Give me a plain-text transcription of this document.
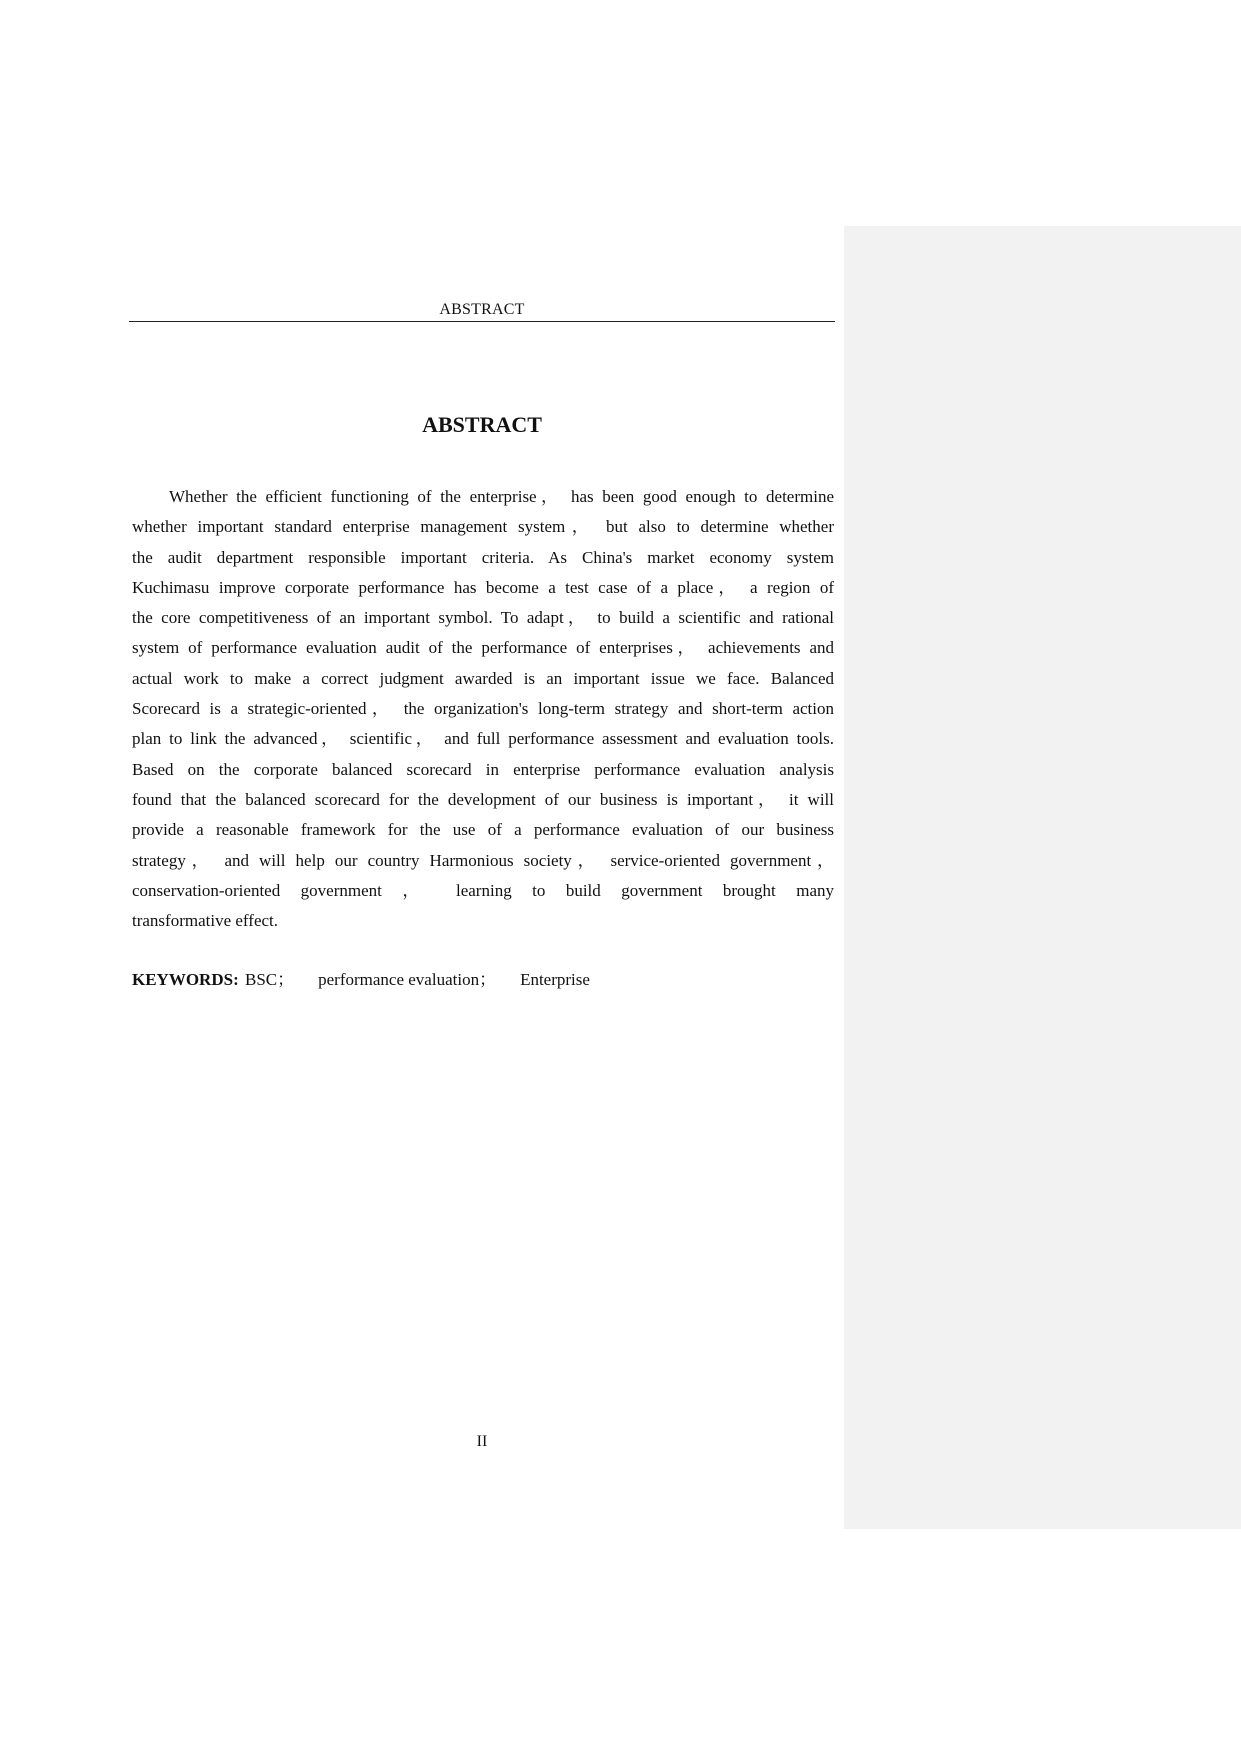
ABSTRACT
ABSTRACT
Whether the efficient functioning of the enterprise， has been good enough to determine
whether important standard enterprise management system， but also to determine whether
the audit department responsible important criteria. As China's market economy system
Kuchimasu improve corporate performance has become a test case of a place， a region of
the core competitiveness of an important symbol. To adapt， to build a scientific and rational
system of performance evaluation audit of the performance of enterprises， achievements and
actual work to make a correct judgment awarded is an important issue we face. Balanced
Scorecard is a strategic-oriented， the organization's long-term strategy and short-term action
plan to link the advanced， scientific， and full performance assessment and evaluation tools.
Based on the corporate balanced scorecard in enterprise performance evaluation analysis
found that the balanced scorecard for the development of our business is important， it will
provide a reasonable framework for the use of a performance evaluation of our business
strategy， and will help our country Harmonious society， service-oriented government，
conservation-oriented government ， learning to build government brought many
transformative effect.
KEYWORDS: BSC； performance evaluation； Enterprise
II
